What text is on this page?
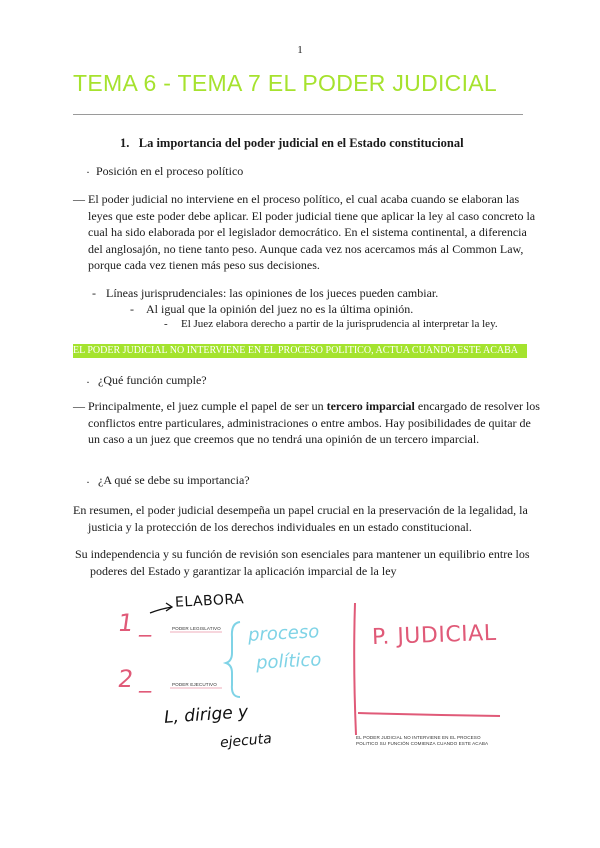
1
TEMA 6 - TEMA 7 EL PODER JUDICIAL
1. La importancia del poder judicial en el Estado constitucional
· Posición en el proceso político
— El poder judicial no interviene en el proceso político, el cual acaba cuando se elaboran las leyes que este poder debe aplicar. El poder judicial tiene que aplicar la ley al caso concreto la cual ha sido elaborada por el legislador democrático. En el sistema continental, a diferencia del anglosajón, no tiene tanto peso. Aunque cada vez nos acercamos más al Common Law, porque cada vez tienen más peso sus decisiones.
- Líneas jurisprudenciales: las opiniones de los jueces pueden cambiar.
- Al igual que la opinión del juez no es la última opinión.
- El Juez elabora derecho a partir de la jurisprudencia al interpretar la ley.
EL PODER JUDICIAL NO INTERVIENE EN EL PROCESO POLITICO, ACTUA CUANDO ESTE ACABA
· ¿Qué función cumple?
— Principalmente, el juez cumple el papel de ser un tercero imparcial encargado de resolver los conflictos entre particulares, administraciones o entre ambos. Hay posibilidades de quitar de un caso a un juez que creemos que no tendrá una opinión de un tercero imparcial.
· ¿A qué se debe su importancia?
En resumen, el poder judicial desempeña un papel crucial en la preservación de la legalidad, la justicia y la protección de los derechos individuales en un estado constitucional.
Su independencia y su función de revisión son esenciales para mantener un equilibrio entre los poderes del Estado y garantizar la aplicación imparcial de la ley
1 _
2 _
ELABORA
PODER LEGISLATIVO
PODER EJECUTIVO
proceso
político
P. JUDICIAL
L, dirige y
ejecuta	EL PODER JUDICIAL NO INTERVIENE EN EL PROCESO
POLITICO SU FUNCIÓN COMIENZA CUANDO ESTE ACABA
